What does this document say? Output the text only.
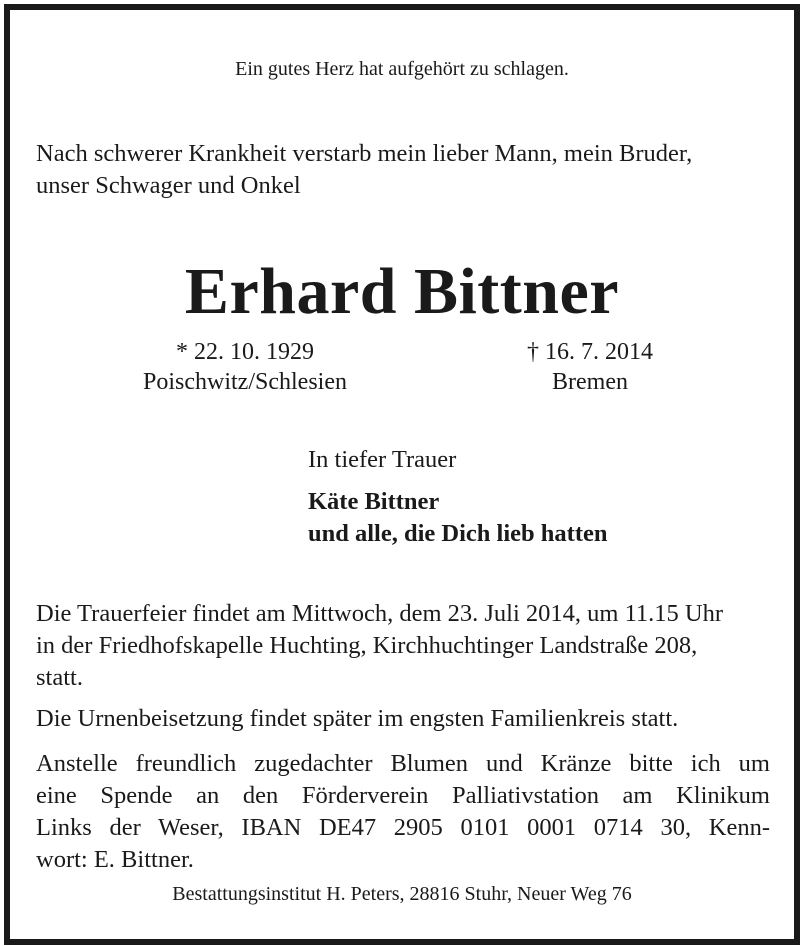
Ein gutes Herz hat aufgehört zu schlagen.
Nach schwerer Krankheit verstarb mein lieber Mann, mein Bruder,
unser Schwager und Onkel
Erhard Bittner
* 22. 10. 1929
Poischwitz/Schlesien
† 16. 7. 2014
Bremen
In tiefer Trauer
Käte Bittner
und alle, die Dich lieb hatten
Die Trauerfeier findet am Mittwoch, dem 23. Juli 2014, um 11.15 Uhr
in der Friedhofskapelle Huchting, Kirchhuchtinger Landstraße 208,
statt.
Die Urnenbeisetzung findet später im engsten Familienkreis statt.
Anstelle freundlich zugedachter Blumen und Kränze bitte ich um
eine Spende an den Förderverein Palliativstation am Klinikum
Links der Weser, IBAN DE47 2905 0101 0001 0714 30, Kenn-
wort: E. Bittner.
Bestattungsinstitut H. Peters, 28816 Stuhr, Neuer Weg 76
